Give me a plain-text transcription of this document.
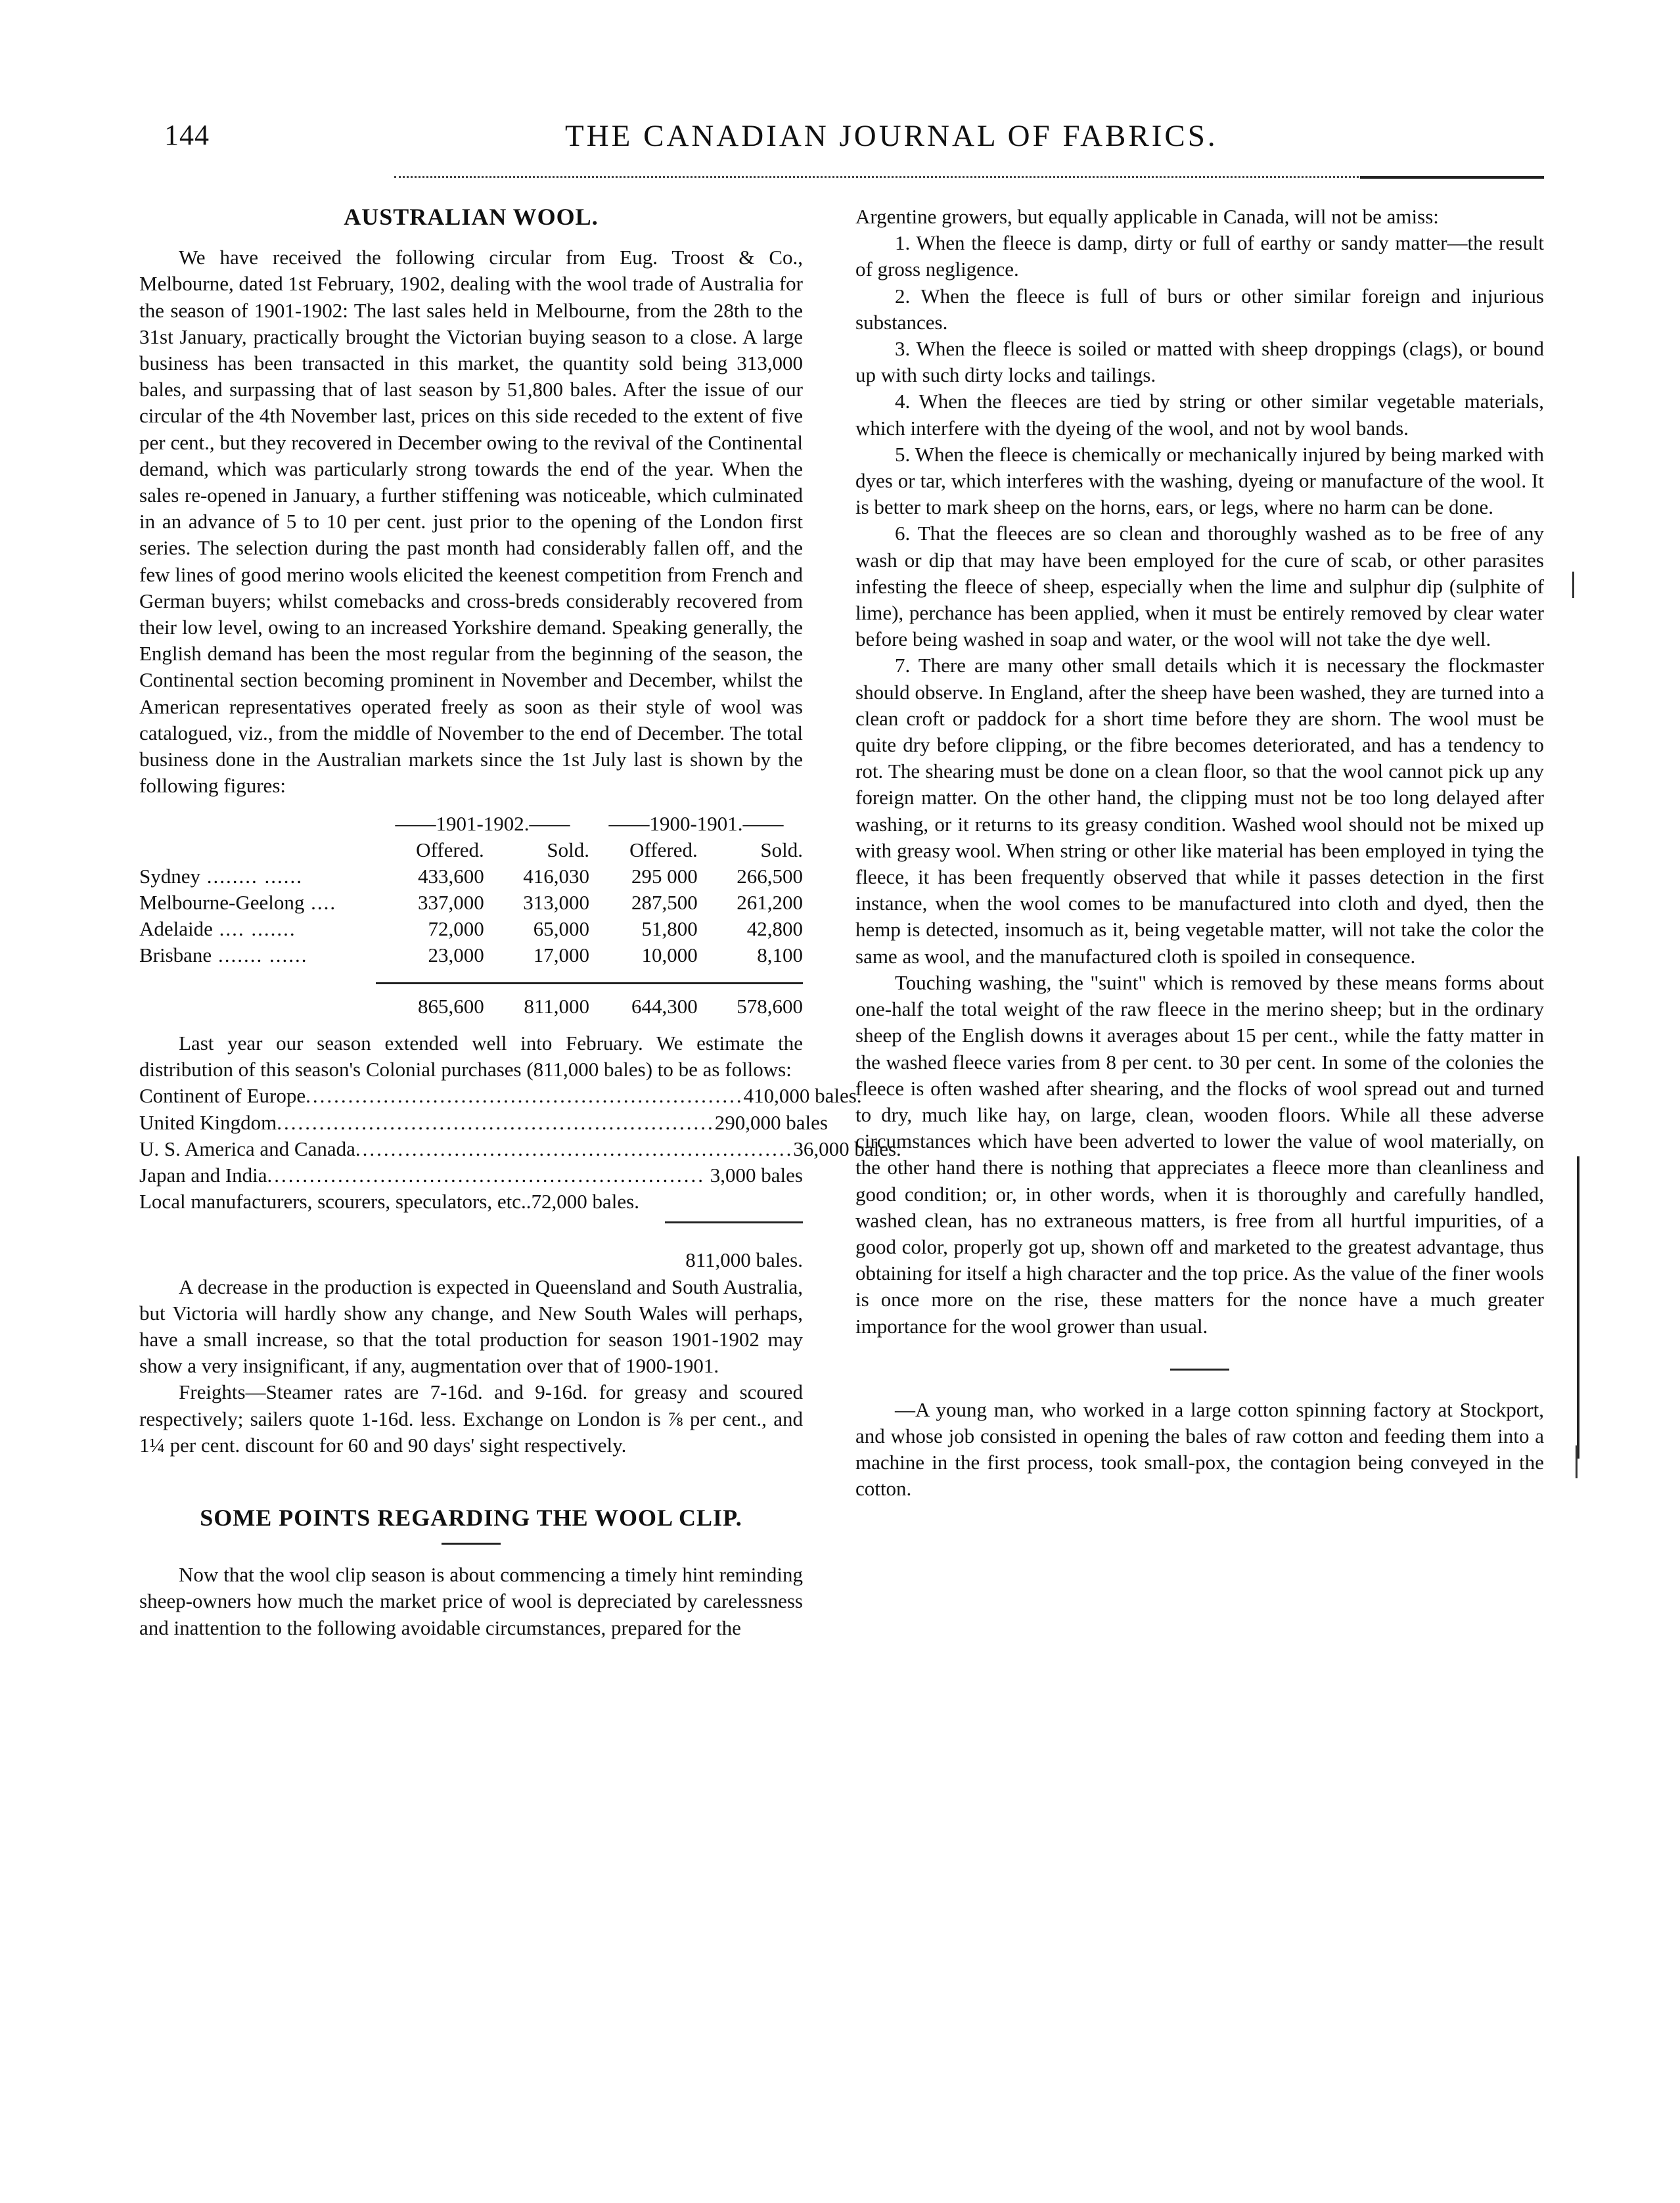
144	THE CANADIAN JOURNAL OF FABRICS.
AUSTRALIAN WOOL.

We have received the following circular from Eug. Troost & Co., Melbourne, dated 1st February, 1902, dealing with the wool trade of Australia for the season of 1901-1902: The last sales held in Melbourne, from the 28th to the 31st January, practically brought the Victorian buying season to a close. A large business has been transacted in this market, the quantity sold being 313,000 bales, and surpassing that of last season by 51,800 bales. After the issue of our circular of the 4th November last, prices on this side receded to the extent of five per cent., but they recovered in December owing to the revival of the Continental demand, which was particularly strong towards the end of the year. When the sales re-opened in January, a further stiffening was noticeable, which culminated in an advance of 5 to 10 per cent. just prior to the opening of the London first series. The selection during the past month had considerably fallen off, and the few lines of good merino wools elicited the keenest competition from French and German buyers; whilst comebacks and cross-breds considerably recovered from their low level, owing to an increased Yorkshire demand. Speaking generally, the English demand has been the most regular from the beginning of the season, the Continental section becoming prominent in November and December, whilst the American representatives operated freely as soon as their style of wool was catalogued, viz., from the middle of November to the end of December. The total business done in the Australian markets since the 1st July last is shown by the following figures:

	——1901-1902.——		——1900-1901.——	
	Offered.	Sold.	Offered.	Sold.
Sydney ........ ......	433,600	416,030	295 000	266,500
Melbourne-Geelong ....	337,000	313,000	287,500	261,200
Adelaide .... .......	72,000	65,000	51,800	42,800
Brisbane ....... ......	23,000	17,000	10,000	8,100

	865,600	811,000	644,300	578,600

Last year our season extended well into February. We estimate the distribution of this season's Colonial purchases (811,000 bales) to be as follows:

Continent of Europe .............................................................. 410,000 bales.
United Kingdom .............................................................. 290,000 bales
U. S. America and Canada .............................................................. 36,000 bales.
Japan and India .............................................................. 3,000 bales
Local manufacturers, scourers, speculators, etc.. 72,000 bales.
811,000 bales.

A decrease in the production is expected in Queensland and South Australia, but Victoria will hardly show any change, and New South Wales will perhaps, have a small increase, so that the total production for season 1901-1902 may show a very insignificant, if any, augmentation over that of 1900-1901.

Freights—Steamer rates are 7-16d. and 9-16d. for greasy and scoured respectively; sailers quote 1-16d. less. Exchange on London is ⅞ per cent., and 1¼ per cent. discount for 60 and 90 days' sight respectively.

SOME POINTS REGARDING THE WOOL CLIP.

Now that the wool clip season is about commencing a timely hint reminding sheep-owners how much the market price of wool is depreciated by carelessness and inattention to the following avoidable circumstances, prepared for the

Argentine growers, but equally applicable in Canada, will not be amiss:

1. When the fleece is damp, dirty or full of earthy or sandy matter—the result of gross negligence.

2. When the fleece is full of burs or other similar foreign and injurious substances.

3. When the fleece is soiled or matted with sheep droppings (clags), or bound up with such dirty locks and tailings.

4. When the fleeces are tied by string or other similar vegetable materials, which interfere with the dyeing of the wool, and not by wool bands.

5. When the fleece is chemically or mechanically injured by being marked with dyes or tar, which interferes with the washing, dyeing or manufacture of the wool. It is better to mark sheep on the horns, ears, or legs, where no harm can be done.

6. That the fleeces are so clean and thoroughly washed as to be free of any wash or dip that may have been employed for the cure of scab, or other parasites infesting the fleece of sheep, especially when the lime and sulphur dip (sulphite of lime), perchance has been applied, when it must be entirely removed by clear water before being washed in soap and water, or the wool will not take the dye well.

7. There are many other small details which it is necessary the flockmaster should observe. In England, after the sheep have been washed, they are turned into a clean croft or paddock for a short time before they are shorn. The wool must be quite dry before clipping, or the fibre becomes deteriorated, and has a tendency to rot. The shearing must be done on a clean floor, so that the wool cannot pick up any foreign matter. On the other hand, the clipping must not be too long delayed after washing, or it returns to its greasy condition. Washed wool should not be mixed up with greasy wool. When string or other like material has been employed in tying the fleece, it has been frequently observed that while it passes detection in the first instance, when the wool comes to be manufactured into cloth and dyed, then the hemp is detected, insomuch as it, being vegetable matter, will not take the color the same as wool, and the manufactured cloth is spoiled in consequence.

Touching washing, the "suint" which is removed by these means forms about one-half the total weight of the raw fleece in the merino sheep; but in the ordinary sheep of the English downs it averages about 15 per cent., while the fatty matter in the washed fleece varies from 8 per cent. to 30 per cent. In some of the colonies the fleece is often washed after shearing, and the flocks of wool spread out and turned to dry, much like hay, on large, clean, wooden floors. While all these adverse circumstances which have been adverted to lower the value of wool materially, on the other hand there is nothing that appreciates a fleece more than cleanliness and good condition; or, in other words, when it is thoroughly and carefully handled, washed clean, has no extraneous matters, is free from all hurtful impurities, of a good color, properly got up, shown off and marketed to the greatest advantage, thus obtaining for itself a high character and the top price. As the value of the finer wools is once more on the rise, these matters for the nonce have a much greater importance for the wool grower than usual.

—A young man, who worked in a large cotton spinning factory at Stockport, and whose job consisted in opening the bales of raw cotton and feeding them into a machine in the first process, took small-pox, the contagion being conveyed in the cotton.
